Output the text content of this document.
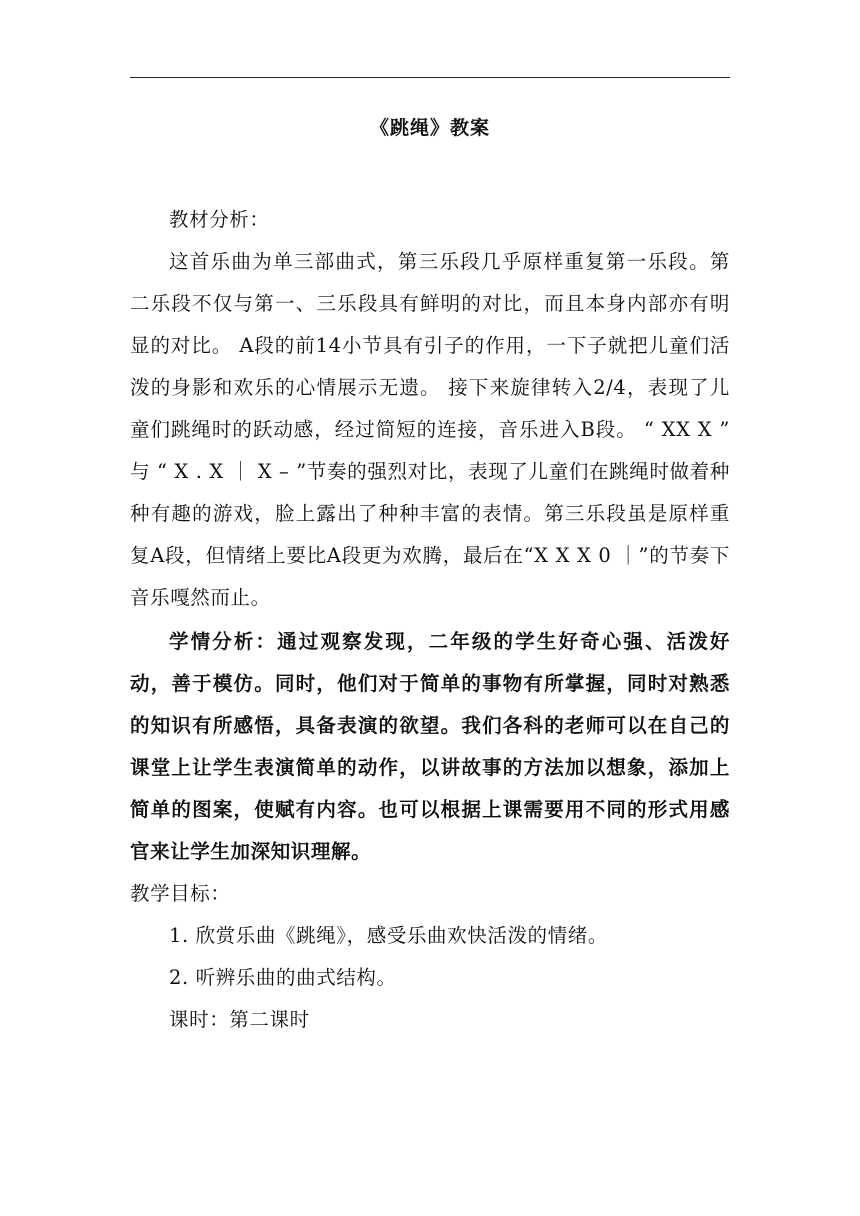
《跳绳》教案

教材分析：

这首乐曲为单三部曲式，第三乐段几乎原样重复第一乐段。第二乐段不仅与第一、三乐段具有鲜明的对比，而且本身内部亦有明显的对比。 A段的前14小节具有引子的作用，一下子就把儿童们活泼的身影和欢乐的心情展示无遗。 接下来旋律转入2/4，表现了儿童们跳绳时的跃动感，经过简短的连接，音乐进入B段。 “ XX X ” 与 “ X . X ｜ X – ”节奏的强烈对比，表现了儿童们在跳绳时做着种种有趣的游戏，脸上露出了种种丰富的表情。第三乐段虽是原样重复A段，但情绪上要比A段更为欢腾，最后在“X X X 0 ｜”的节奏下音乐嘎然而止。

学情分析：通过观察发现，二年级的学生好奇心强、活泼好动，善于模仿。同时，他们对于简单的事物有所掌握，同时对熟悉的知识有所感悟，具备表演的欲望。我们各科的老师可以在自己的课堂上让学生表演简单的动作，以讲故事的方法加以想象，添加上简单的图案，使赋有内容。也可以根据上课需要用不同的形式用感官来让学生加深知识理解。

教学目标：

1. 欣赏乐曲《跳绳》，感受乐曲欢快活泼的情绪。

2. 听辨乐曲的曲式结构。

课时：第二课时
